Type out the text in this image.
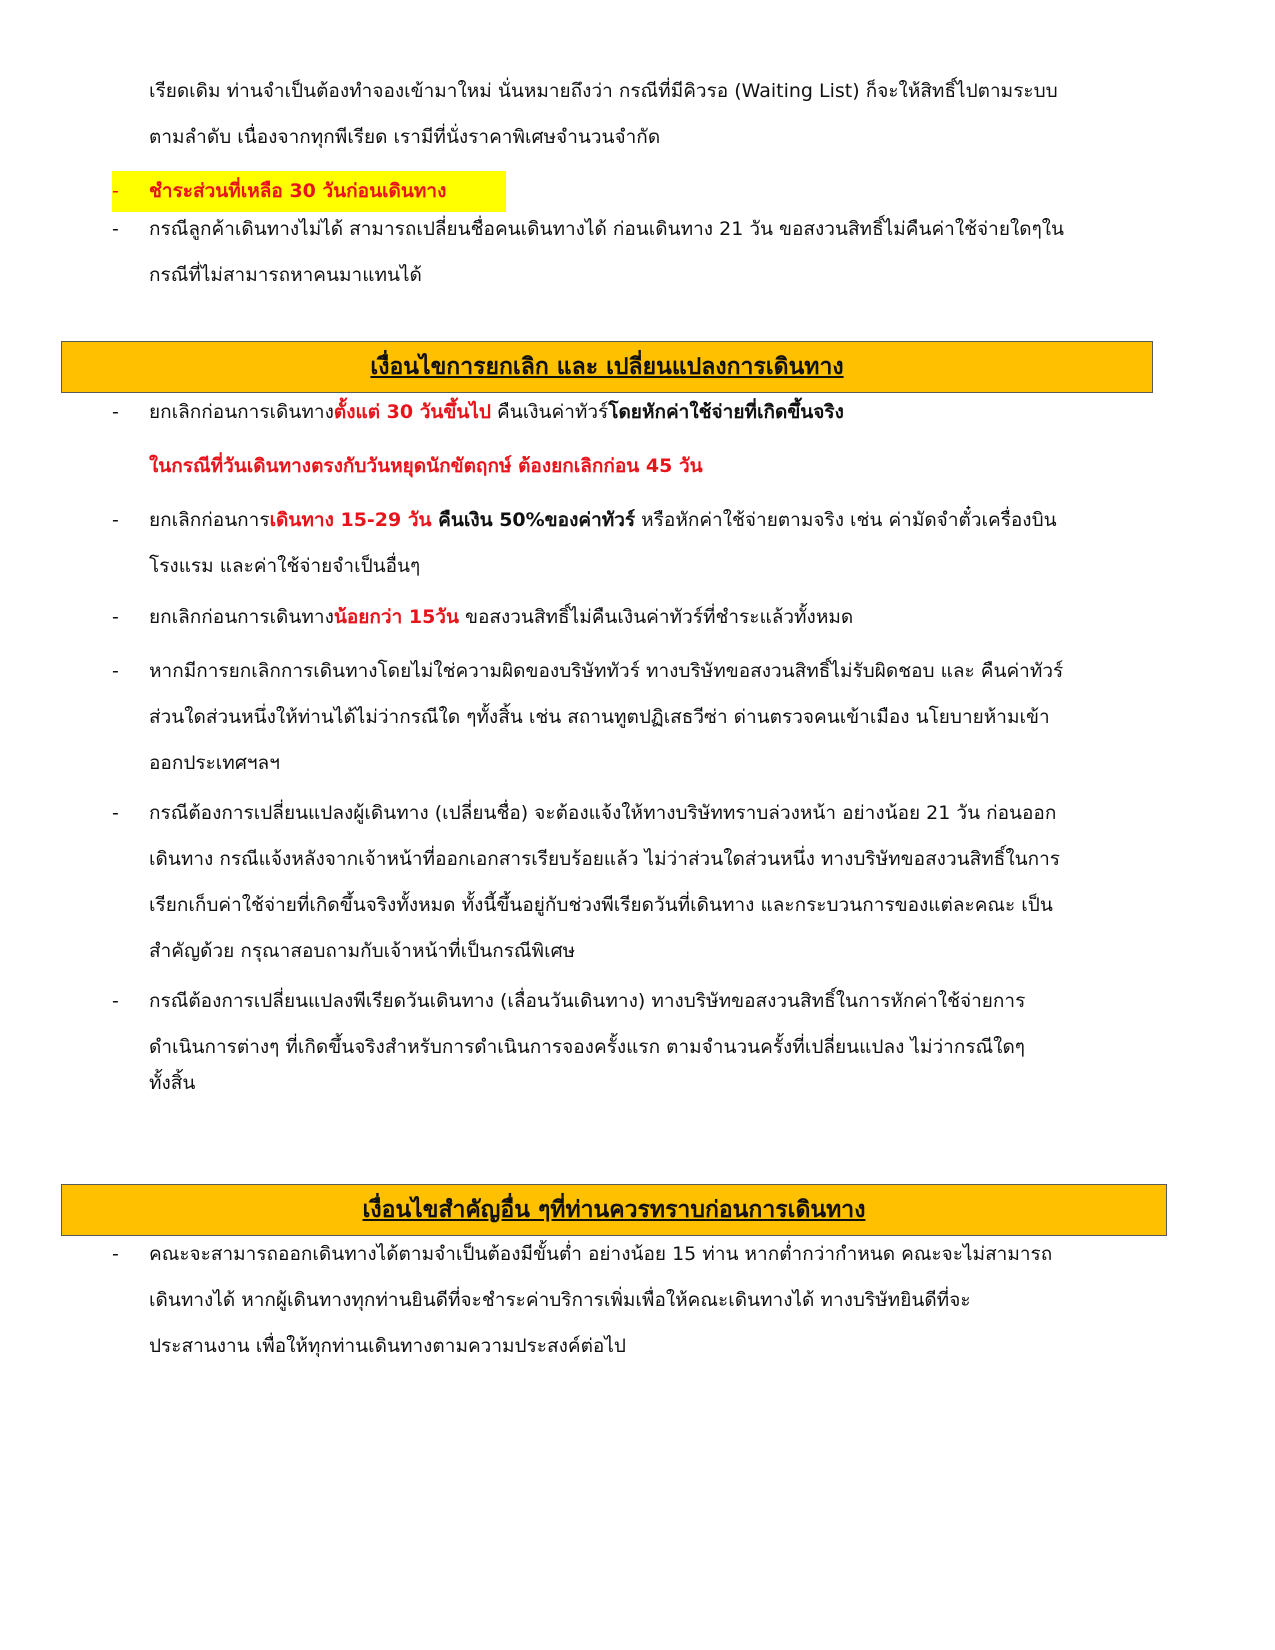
เรียดเดิม ท่านจำเป็นต้องทำจองเข้ามาใหม่ นั่นหมายถึงว่า กรณีที่มีคิวรอ (Waiting List) ก็จะให้สิทธิ์ไปตามระบบ
ตามลำดับ เนื่องจากทุกพีเรียด เรามีที่นั่งราคาพิเศษจำนวนจำกัด
- ชำระส่วนที่เหลือ 30 วันก่อนเดินทาง
- กรณีลูกค้าเดินทางไม่ได้ สามารถเปลี่ยนชื่อคนเดินทางได้ ก่อนเดินทาง 21 วัน ขอสงวนสิทธิ์ไม่คืนค่าใช้จ่ายใดๆใน
กรณีที่ไม่สามารถหาคนมาแทนได้
เงื่อนไขการยกเลิก และ เปลี่ยนแปลงการเดินทาง
- ยกเลิกก่อนการเดินทางตั้งแต่ 30 วันขึ้นไป คืนเงินค่าทัวร์โดยหักค่าใช้จ่ายที่เกิดขึ้นจริง
ในกรณีที่วันเดินทางตรงกับวันหยุดนักขัตฤกษ์ ต้องยกเลิกก่อน 45 วัน
- ยกเลิกก่อนการเดินทาง 15-29 วัน คืนเงิน 50%ของค่าทัวร์ หรือหักค่าใช้จ่ายตามจริง เช่น ค่ามัดจำตั๋วเครื่องบิน
โรงแรม และค่าใช้จ่ายจำเป็นอื่นๆ
- ยกเลิกก่อนการเดินทางน้อยกว่า 15วัน ขอสงวนสิทธิ์ไม่คืนเงินค่าทัวร์ที่ชำระแล้วทั้งหมด
- หากมีการยกเลิกการเดินทางโดยไม่ใช่ความผิดของบริษัททัวร์ ทางบริษัทขอสงวนสิทธิ์ไม่รับผิดชอบ และ คืนค่าทัวร์
ส่วนใดส่วนหนึ่งให้ท่านได้ไม่ว่ากรณีใด ๆทั้งสิ้น เช่น สถานทูตปฏิเสธวีซ่า ด่านตรวจคนเข้าเมือง นโยบายห้ามเข้า
ออกประเทศฯลฯ
- กรณีต้องการเปลี่ยนแปลงผู้เดินทาง (เปลี่ยนชื่อ) จะต้องแจ้งให้ทางบริษัททราบล่วงหน้า อย่างน้อย 21 วัน ก่อนออก
เดินทาง กรณีแจ้งหลังจากเจ้าหน้าที่ออกเอกสารเรียบร้อยแล้ว ไม่ว่าส่วนใดส่วนหนึ่ง ทางบริษัทขอสงวนสิทธิ์ในการ
เรียกเก็บค่าใช้จ่ายที่เกิดขึ้นจริงทั้งหมด ทั้งนี้ขึ้นอยู่กับช่วงพีเรียดวันที่เดินทาง และกระบวนการของแต่ละคณะ เป็น
สำคัญด้วย กรุณาสอบถามกับเจ้าหน้าที่เป็นกรณีพิเศษ
- กรณีต้องการเปลี่ยนแปลงพีเรียดวันเดินทาง (เลื่อนวันเดินทาง) ทางบริษัทขอสงวนสิทธิ์ในการหักค่าใช้จ่ายการ
ดำเนินการต่างๆ ที่เกิดขึ้นจริงสำหรับการดำเนินการจองครั้งแรก ตามจำนวนครั้งที่เปลี่ยนแปลง ไม่ว่ากรณีใดๆ
ทั้งสิ้น
เงื่อนไขสำคัญอื่น ๆที่ท่านควรทราบก่อนการเดินทาง
- คณะจะสามารถออกเดินทางได้ตามจำเป็นต้องมีขั้นต่ำ อย่างน้อย 15 ท่าน หากต่ำกว่ากำหนด คณะจะไม่สามารถ
เดินทางได้ หากผู้เดินทางทุกท่านยินดีที่จะชำระค่าบริการเพิ่มเพื่อให้คณะเดินทางได้ ทางบริษัทยินดีที่จะ
ประสานงาน เพื่อให้ทุกท่านเดินทางตามความประสงค์ต่อไป
